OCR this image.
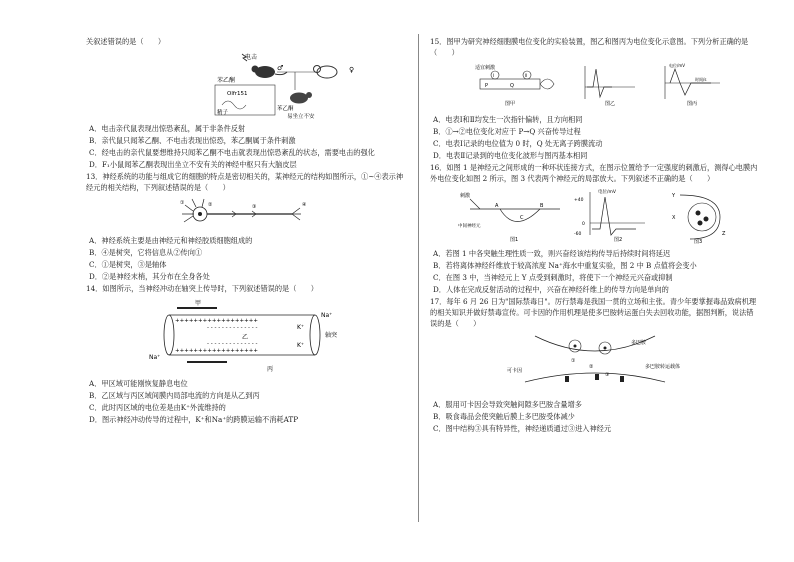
关叙述错误的是（　　）

电击
♂	♀
苯乙酮
Olfr151
精子
苯乙酮
易坐立不安

A．电击亲代鼠表现出惊恐紊乱，属于非条件反射

B．亲代鼠只闻苯乙酮、不电击表现出惊恐，苯乙酮属于条件刺激

C．经电击的亲代鼠要想维持只闻苯乙酮不电击就表现出惊恐紊乱的状态，需要电击的强化

D．F₁小鼠闻苯乙酮表现出坐立不安有关的神经中枢只有大脑皮层

13．神经系统的功能与组成它的细胞的特点是密切相关的，某神经元的结构如图所示，①~④表示神经元的相关结构，下列叙述错误的是（　　）

①	②	③	④

A．神经系统主要是由神经元和神经胶质细胞组成的

B．④是树突，它将信息从②传向①

C．①是树突，③是轴体

D．②是神经末梢，其分布在全身各处

14．如图所示，当神经冲动在轴突上传导时，下列叙述错误的是（　　）

甲
++++++++++++++++++
++++++++++++++++++
- - - - - - - - - - - - - -
- - - - - - - - - - - - - -
乙
Na⁺
K⁺
K⁺
Na⁺
轴突
丙

A．甲区域可能刚恢复静息电位

B．乙区域与丙区域间膜内局部电流的方向是从乙到丙

C．此时丙区域的电位差是由K⁺外流维持的

D．图示神经冲动传导的过程中，K⁺和Na⁺的跨膜运输不消耗ATP

15．图甲为研究神经细胞膜电位变化的实验装置，图乙和图丙为电位变化示意图。下列分析正确的是（　　）

适宜刺激
Ⅰ	Ⅱ
P	Q
图甲	图乙
电位/mV
时间/s
图丙

A．电表Ⅰ和Ⅱ均发生一次指针偏转，且方向相同

B．①→②电位变化对应于 P→Q 兴奋传导过程

C．电表Ⅰ记录的电位值为 0 时，Q 处无离子跨膜流动

D．电表Ⅱ记录到的电位变化波形与图丙基本相同

16．如图 1 是神经元之间形成的一种环状连接方式，在图示位置给予一定强度的刺激后，测得心电膜内外电位变化如图 2 所示，图 3 代表两个神经元的局部放大。下列叙述不正确的是（　　）

刺激
A	B
C
中间神经元
图1
电位/mV
+40
0
-60
图2
Y
X
Z
图3

A．若图 1 中各突触生理性质一致，则兴奋经该结构传导后持续时间将延迟

B．若将离体神经纤维放于较高浓度 Na⁺海水中重复实验，图 2 中 B 点值将会变小

C．在图 3 中，当神经元上 Y 点受到刺激时，将使下一个神经元兴奋或抑制

D．人体在完成反射活动的过程中，兴奋在神经纤维上的传导方向是单向的

17．每年 6 月 26 日为"国际禁毒日"。厉行禁毒是我国一贯的立场和主张。青少年要掌握毒品致病机理的相关知识并做好禁毒宣传。可卡因的作用机理是使多巴胺转运蛋白失去回收功能，据图判断，说法错误的是（　　）

多巴胺
可卡因
多巴胺转运载体
①
②
③

A．服用可卡因会导致突触间隙多巴胺含量增多

B．吸食毒品会使突触后膜上多巴胺受体减少

C．图中结构③具有特异性，神经递质通过③进入神经元
